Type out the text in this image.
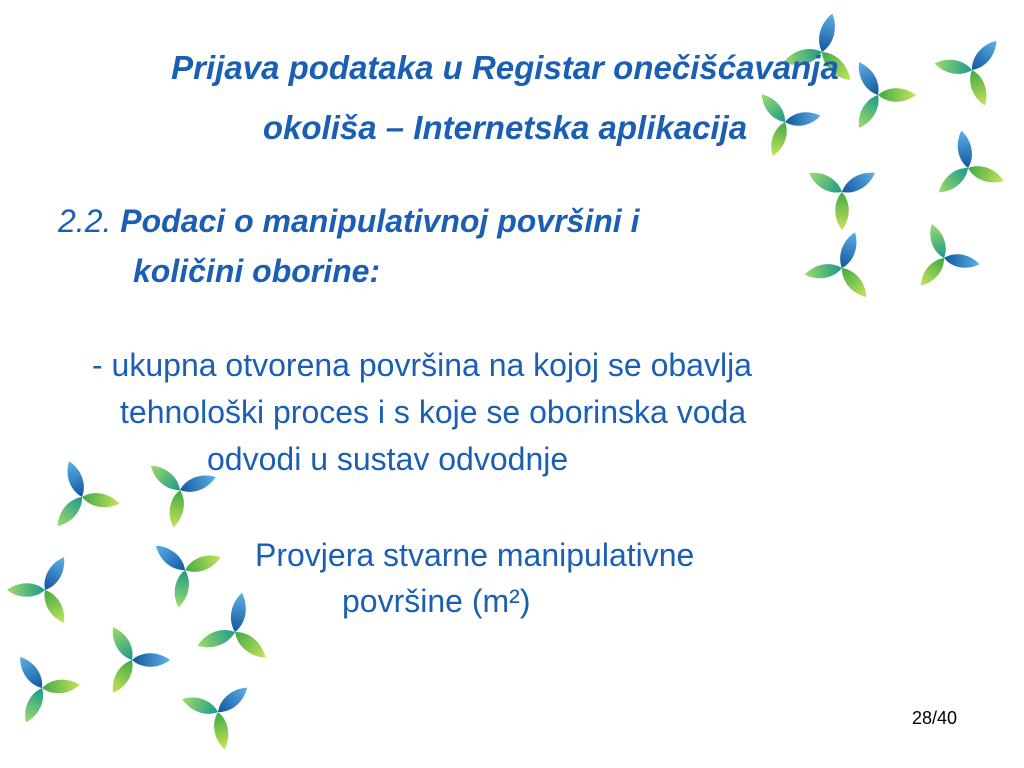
Prijava podataka u Registar onečišćavanja
okoliša – Internetska aplikacija
2.2. Podaci o manipulativnoj površini i
količini oborine:
- ukupna otvorena površina na kojoj se obavlja
tehnološki proces i s koje se oborinska voda
odvodi u sustav odvodnje
Provjera stvarne manipulativne
površine (m²)
28/40
